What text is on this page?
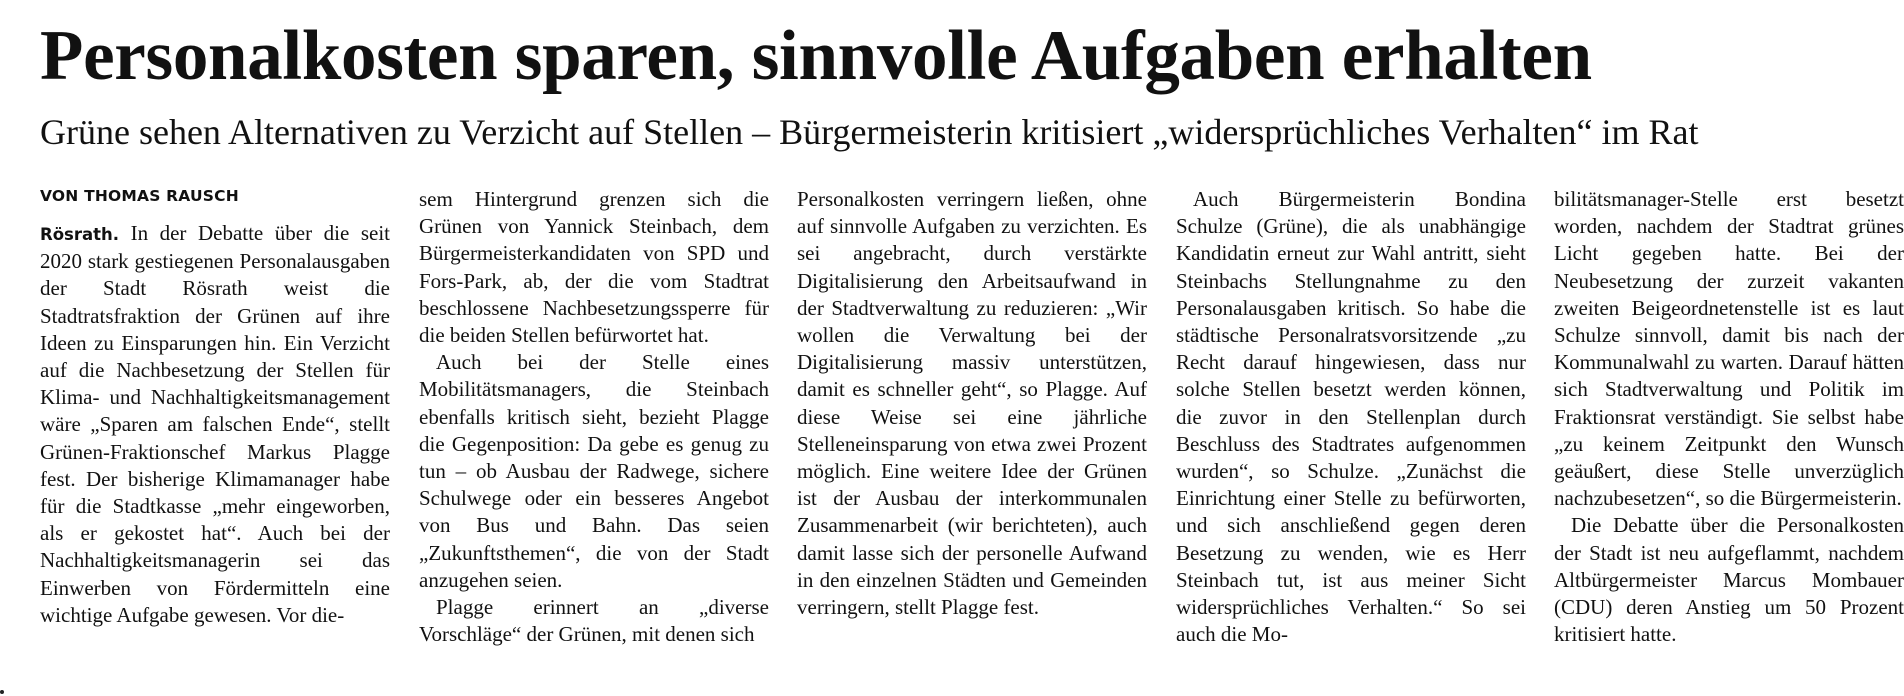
Personalkosten sparen, sinnvolle Aufgaben erhalten
Grüne sehen Alternativen zu Verzicht auf Stellen – Bürgermeisterin kritisiert „widersprüchliches Verhalten“ im Rat
VON THOMAS RAUSCH

Rösrath. In der Debatte über die seit 2020 stark gestiegenen Personalausgaben der Stadt Rösrath weist die Stadtratsfraktion der Grünen auf ihre Ideen zu Einsparungen hin. Ein Verzicht auf die Nachbesetzung der Stellen für Klima- und Nachhaltigkeitsmanagement wäre „Sparen am falschen Ende“, stellt Grünen-Fraktionschef Markus Plagge fest. Der bisherige Klimamanager habe für die Stadtkasse „mehr eingeworben, als er gekostet hat“. Auch bei der Nachhaltigkeitsmanagerin sei das Einwerben von Fördermitteln eine wichtige Aufgabe gewesen. Vor die-

sem Hintergrund grenzen sich die Grünen von Yannick Steinbach, dem Bürgermeisterkandidaten von SPD und Fors-Park, ab, der die vom Stadtrat beschlossene Nachbesetzungssperre für die beiden Stellen befürwortet hat.

Auch bei der Stelle eines Mobilitätsmanagers, die Steinbach ebenfalls kritisch sieht, bezieht Plagge die Gegenposition: Da gebe es genug zu tun – ob Ausbau der Radwege, sichere Schulwege oder ein besseres Angebot von Bus und Bahn. Das seien „Zukunftsthemen“, die von der Stadt anzugehen seien.

Plagge erinnert an „diverse Vorschläge“ der Grünen, mit denen sich

Personalkosten verringern ließen, ohne auf sinnvolle Aufgaben zu verzichten. Es sei angebracht, durch verstärkte Digitalisierung den Arbeitsaufwand in der Stadtverwaltung zu reduzieren: „Wir wollen die Verwaltung bei der Digitalisierung massiv unterstützen, damit es schneller geht“, so Plagge. Auf diese Weise sei eine jährliche Stelleneinsparung von etwa zwei Prozent möglich. Eine weitere Idee der Grünen ist der Ausbau der interkommunalen Zusammenarbeit (wir berichteten), auch damit lasse sich der personelle Aufwand in den einzelnen Städten und Gemeinden verringern, stellt Plagge fest.

Auch Bürgermeisterin Bondina Schulze (Grüne), die als unabhängige Kandidatin erneut zur Wahl antritt, sieht Steinbachs Stellungnahme zu den Personalausgaben kritisch. So habe die städtische Personalratsvorsitzende „zu Recht darauf hingewiesen, dass nur solche Stellen besetzt werden können, die zuvor in den Stellenplan durch Beschluss des Stadtrates aufgenommen wurden“, so Schulze. „Zunächst die Einrichtung einer Stelle zu befürworten, und sich anschließend gegen deren Besetzung zu wenden, wie es Herr Steinbach tut, ist aus meiner Sicht widersprüchliches Verhalten.“ So sei auch die Mo-

bilitätsmanager-Stelle erst besetzt worden, nachdem der Stadtrat grünes Licht gegeben hatte. Bei der Neubesetzung der zurzeit vakanten zweiten Beigeordnetenstelle ist es laut Schulze sinnvoll, damit bis nach der Kommunalwahl zu warten. Darauf hätten sich Stadtverwaltung und Politik im Fraktionsrat verständigt. Sie selbst habe „zu keinem Zeitpunkt den Wunsch geäußert, diese Stelle unverzüglich nachzubesetzen“, so die Bürgermeisterin.

Die Debatte über die Personalkosten der Stadt ist neu aufgeflammt, nachdem Altbürgermeister Marcus Mombauer (CDU) deren Anstieg um 50 Prozent kritisiert hatte.
